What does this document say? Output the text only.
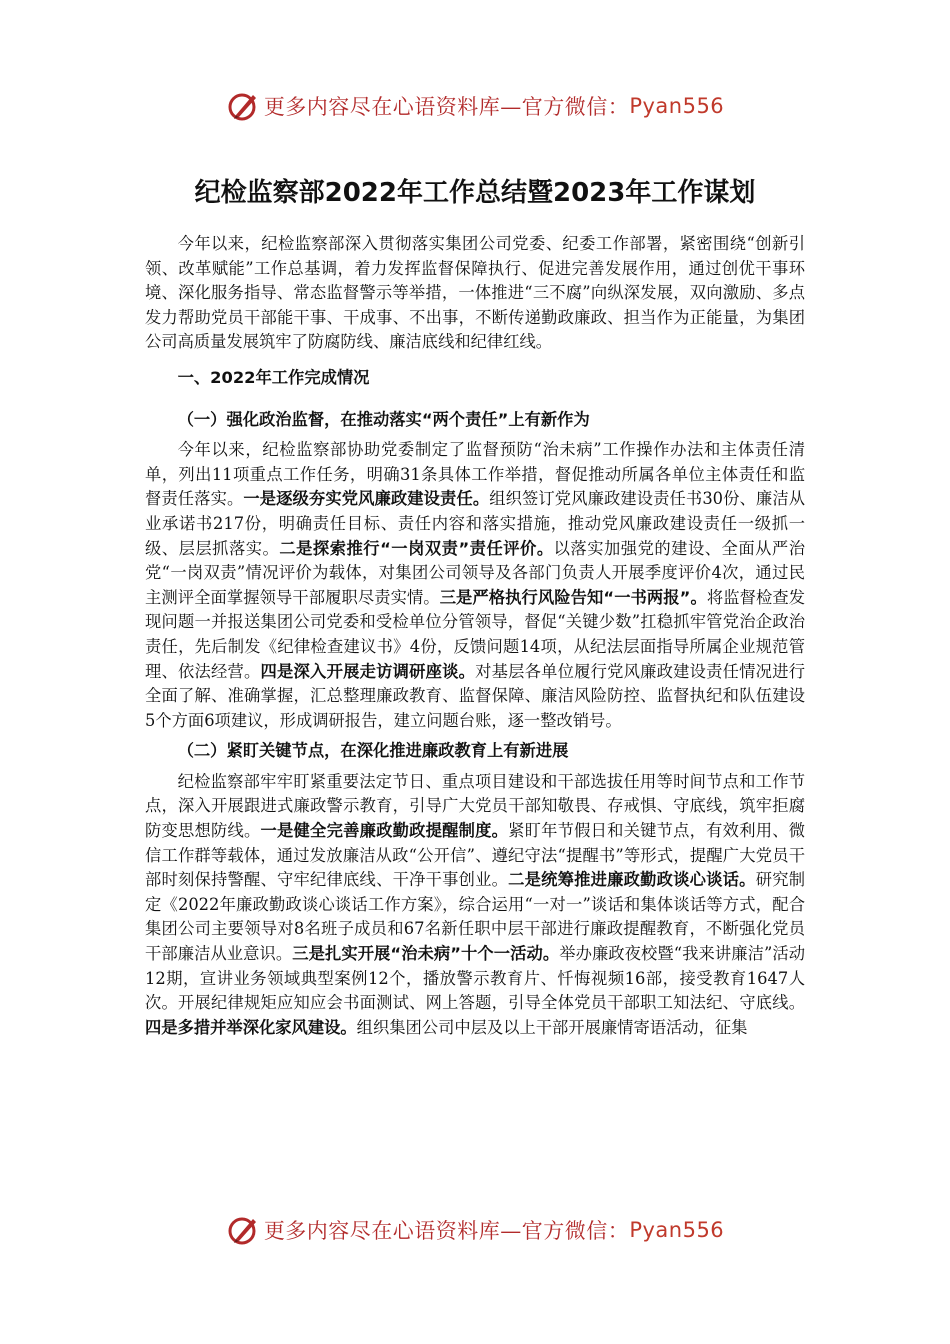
更多内容尽在心语资料库—官方微信： Pyan556
纪检监察部2022年工作总结暨2023年工作谋划

今年以来，纪检监察部深入贯彻落实集团公司党委、纪委工作部署，紧密围绕“创新引领、改革赋能”工作总基调，着力发挥监督保障执行、促进完善发展作用，通过创优干事环境、深化服务指导、常态监督警示等举措，一体推进“三不腐”向纵深发展，双向激励、多点发力帮助党员干部能干事、干成事、不出事，不断传递勤政廉政、担当作为正能量，为集团公司高质量发展筑牢了防腐防线、廉洁底线和纪律红线。

一、2022年工作完成情况
（一）强化政治监督，在推动落实“两个责任”上有新作为

今年以来，纪检监察部协助党委制定了监督预防“治未病”工作操作办法和主体责任清单，列出11项重点工作任务，明确31条具体工作举措，督促推动所属各单位主体责任和监督责任落实。一是逐级夯实党风廉政建设责任。组织签订党风廉政建设责任书30份、廉洁从业承诺书217份，明确责任目标、责任内容和落实措施，推动党风廉政建设责任一级抓一级、层层抓落实。二是探索推行“一岗双责”责任评价。以落实加强党的建设、全面从严治党“一岗双责”情况评价为载体，对集团公司领导及各部门负责人开展季度评价4次，通过民主测评全面掌握领导干部履职尽责实情。三是严格执行风险告知“一书两报”。将监督检查发现问题一并报送集团公司党委和受检单位分管领导，督促“关键少数”扛稳抓牢管党治企政治责任，先后制发《纪律检查建议书》4份，反馈问题14项，从纪法层面指导所属企业规范管理、依法经营。四是深入开展走访调研座谈。对基层各单位履行党风廉政建设责任情况进行全面了解、准确掌握，汇总整理廉政教育、监督保障、廉洁风险防控、监督执纪和队伍建设5个方面6项建议，形成调研报告，建立问题台账，逐一整改销号。

（二）紧盯关键节点，在深化推进廉政教育上有新进展

纪检监察部牢牢盯紧重要法定节日、重点项目建设和干部选拔任用等时间节点和工作节点，深入开展跟进式廉政警示教育，引导广大党员干部知敬畏、存戒惧、守底线，筑牢拒腐防变思想防线。一是健全完善廉政勤政提醒制度。紧盯年节假日和关键节点，有效利用、微信工作群等载体，通过发放廉洁从政“公开信”、遵纪守法“提醒书”等形式，提醒广大党员干部时刻保持警醒、守牢纪律底线、干净干事创业。二是统筹推进廉政勤政谈心谈话。研究制定《2022年廉政勤政谈心谈话工作方案》，综合运用“一对一”谈话和集体谈话等方式，配合集团公司主要领导对8名班子成员和67名新任职中层干部进行廉政提醒教育，不断强化党员干部廉洁从业意识。三是扎实开展“治未病”十个一活动。举办廉政夜校暨“我来讲廉洁”活动12期，宣讲业务领域典型案例12个，播放警示教育片、忏悔视频16部，接受教育1647人次。开展纪律规矩应知应会书面测试、网上答题，引导全体党员干部职工知法纪、守底线。四是多措并举深化家风建设。组织集团公司中层及以上干部开展廉情寄语活动，征集

更多内容尽在心语资料库—官方微信： Pyan556
